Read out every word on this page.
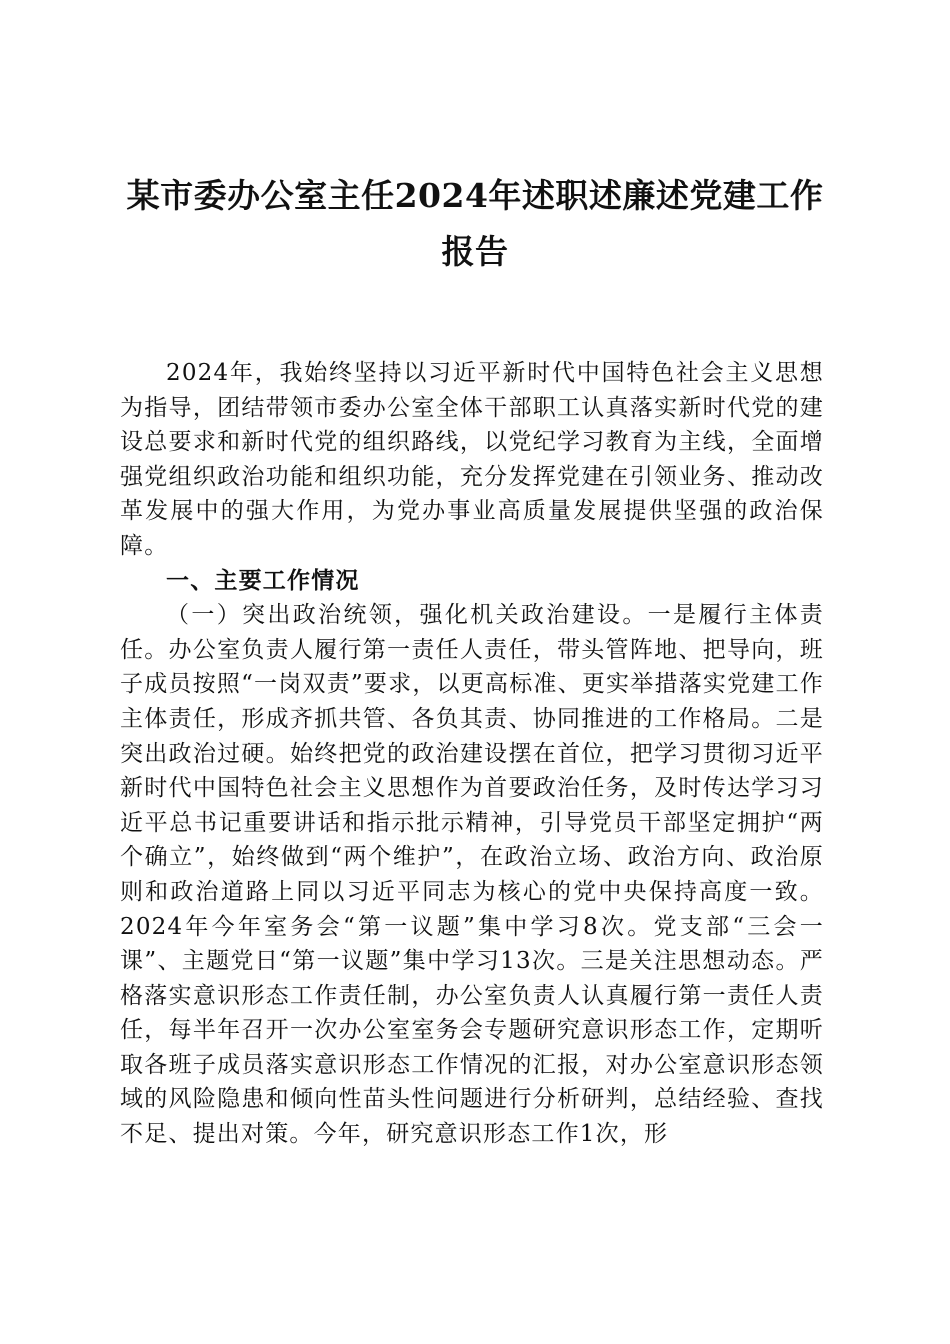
某市委办公室主任2024年述职述廉述党建工作报告

2024年，我始终坚持以习近平新时代中国特色社会主义思想为指导，团结带领市委办公室全体干部职工认真落实新时代党的建设总要求和新时代党的组织路线，以党纪学习教育为主线，全面增强党组织政治功能和组织功能，充分发挥党建在引领业务、推动改革发展中的强大作用，为党办事业高质量发展提供坚强的政治保障。

一、主要工作情况

（一）突出政治统领，强化机关政治建设。一是履行主体责任。办公室负责人履行第一责任人责任，带头管阵地、把导向，班子成员按照“一岗双责”要求，以更高标准、更实举措落实党建工作主体责任，形成齐抓共管、各负其责、协同推进的工作格局。二是突出政治过硬。始终把党的政治建设摆在首位，把学习贯彻习近平新时代中国特色社会主义思想作为首要政治任务，及时传达学习习近平总书记重要讲话和指示批示精神，引导党员干部坚定拥护“两个确立”，始终做到“两个维护”，在政治立场、政治方向、政治原则和政治道路上同以习近平同志为核心的党中央保持高度一致。2024年今年室务会“第一议题”集中学习8次。党支部“三会一课”、主题党日“第一议题”集中学习13次。三是关注思想动态。严格落实意识形态工作责任制，办公室负责人认真履行第一责任人责任，每半年召开一次办公室室务会专题研究意识形态工作，定期听取各班子成员落实意识形态工作情况的汇报，对办公室意识形态领域的风险隐患和倾向性苗头性问题进行分析研判，总结经验、查找不足、提出对策。今年，研究意识形态工作1次，形
